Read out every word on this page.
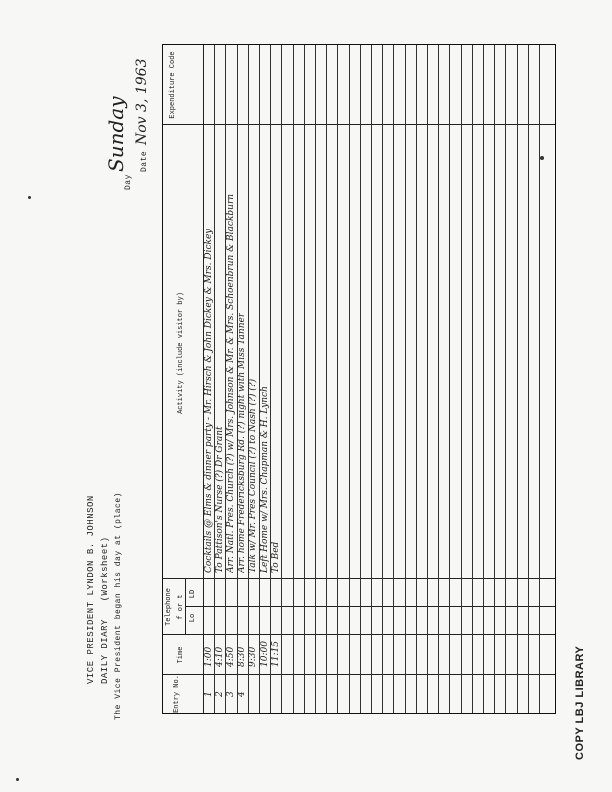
VICE PRESIDENT LYNDON B. JOHNSON DAILY DIARY   (Worksheet) The Vice President began his day at (place)
Day
Sunday Date
Nov 3, 1963
Entry No.
Time
Telephone f or t Lo
LD
Activity (include visitor by)
Expenditure Code
1
1:00
Cocktails @ Elms & dinner party - Mr. Hirsch & John Dickey & Mrs. Dickey
2
4:10
To Pattison's Nurse (?) Dr Grant
3
4:50
Arr. Natl. Pres. Church (?) w/ Mrs. Johnson & Mr. & Mrs. Schoenbrun & Blackburn
4
8:30
Arr. home Fredericksburg Rd. (?) night with Miss Tanner
9:30
Talk w/ Mr. Pres Council (?) to Nash (?) (?)
10:00
Left Home w/ Mrs. Chapman & H. Lynch
11:15
To Bed
COPY LBJ LIBRARY
